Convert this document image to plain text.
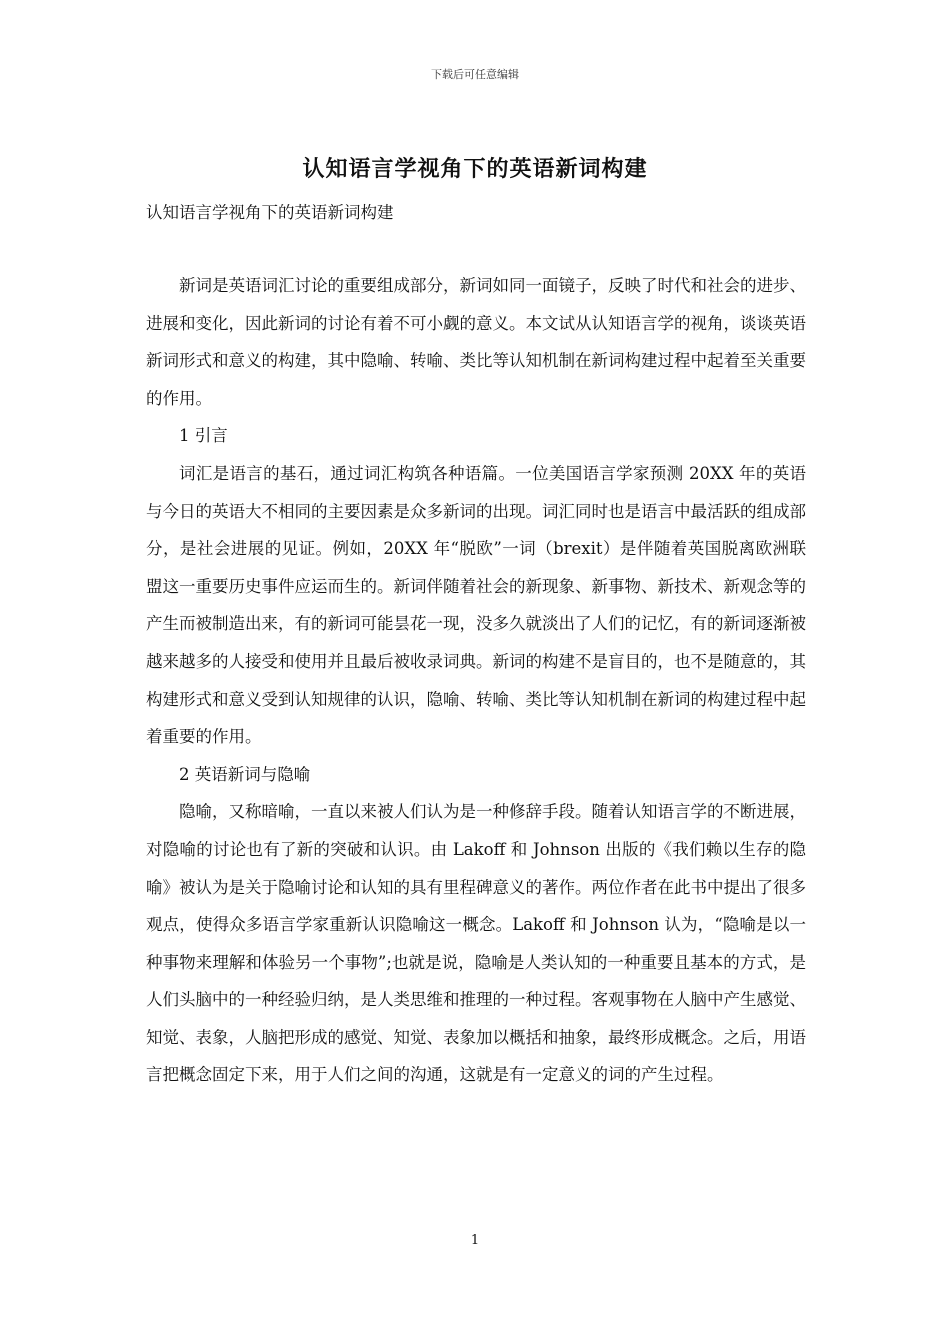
下载后可任意编辑
认知语言学视角下的英语新词构建
认知语言学视角下的英语新词构建

新词是英语词汇讨论的重要组成部分，新词如同一面镜子，反映了时代和社会的进步、进展和变化，因此新词的讨论有着不可小觑的意义。本文试从认知语言学的视角，谈谈英语新词形式和意义的构建，其中隐喻、转喻、类比等认知机制在新词构建过程中起着至关重要的作用。

1 引言

词汇是语言的基石，通过词汇构筑各种语篇。一位美国语言学家预测 20XX 年的英语与今日的英语大不相同的主要因素是众多新词的出现。词汇同时也是语言中最活跃的组成部分，是社会进展的见证。例如，20XX 年“脱欧”一词（brexit）是伴随着英国脱离欧洲联盟这一重要历史事件应运而生的。新词伴随着社会的新现象、新事物、新技术、新观念等的产生而被制造出来，有的新词可能昙花一现，没多久就淡出了人们的记忆，有的新词逐渐被越来越多的人接受和使用并且最后被收录词典。新词的构建不是盲目的，也不是随意的，其构建形式和意义受到认知规律的认识，隐喻、转喻、类比等认知机制在新词的构建过程中起着重要的作用。

2 英语新词与隐喻

隐喻，又称暗喻，一直以来被人们认为是一种修辞手段。随着认知语言学的不断进展，对隐喻的讨论也有了新的突破和认识。由 Lakoff 和 Johnson 出版的《我们赖以生存的隐喻》被认为是关于隐喻讨论和认知的具有里程碑意义的著作。两位作者在此书中提出了很多观点，使得众多语言学家重新认识隐喻这一概念。Lakoff 和 Johnson 认为，“隐喻是以一种事物来理解和体验另一个事物”;也就是说，隐喻是人类认知的一种重要且基本的方式，是人们头脑中的一种经验归纳，是人类思维和推理的一种过程。客观事物在人脑中产生感觉、知觉、表象，人脑把形成的感觉、知觉、表象加以概括和抽象，最终形成概念。之后，用语言把概念固定下来，用于人们之间的沟通，这就是有一定意义的词的产生过程。

1
